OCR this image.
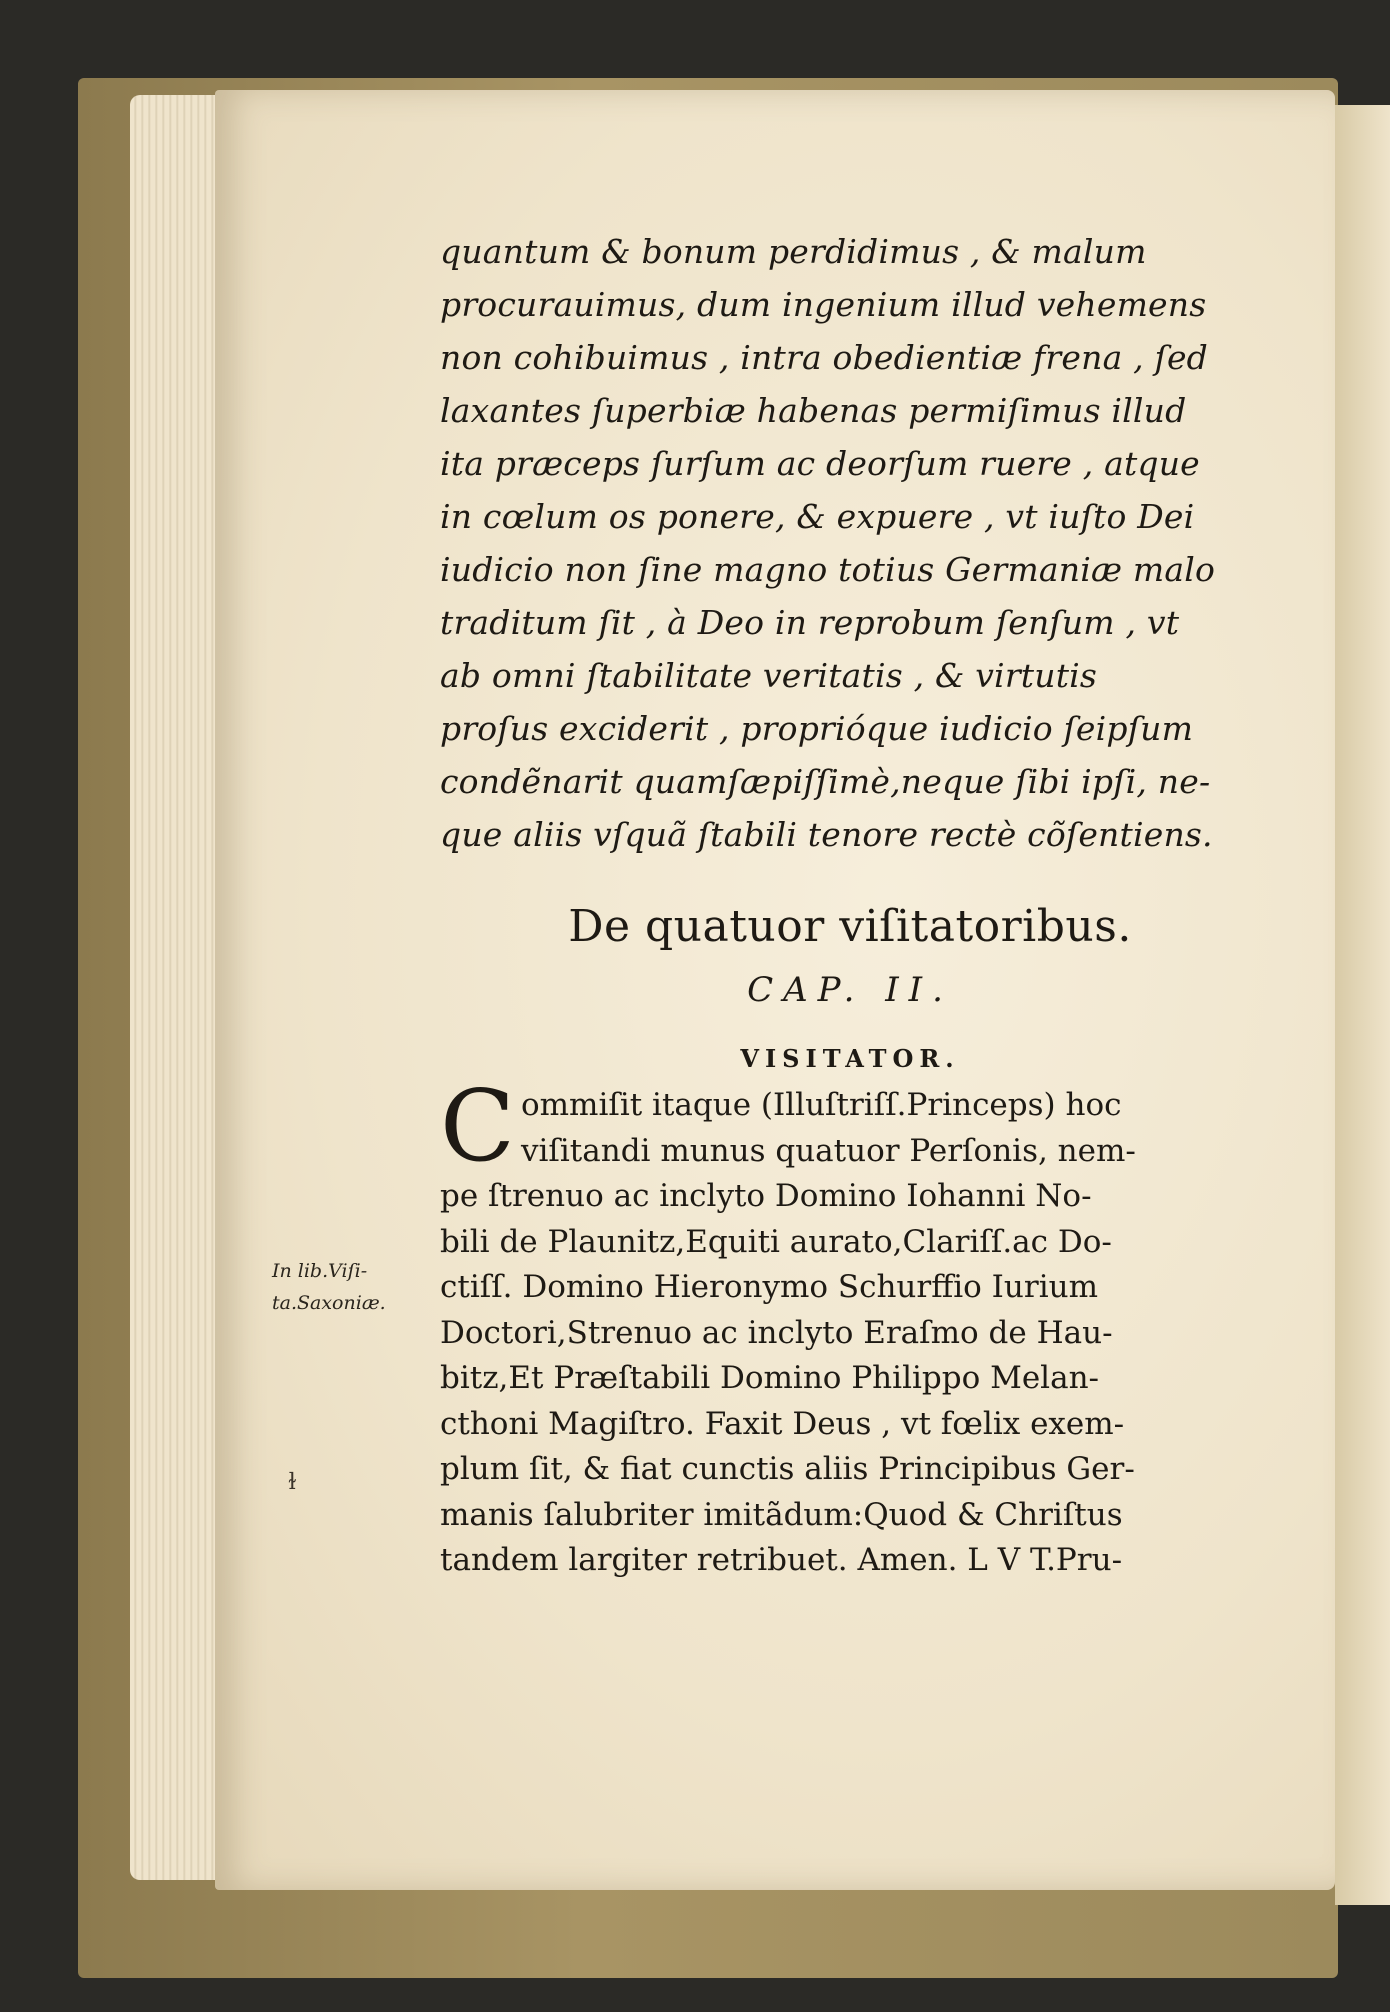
quantum & bonum perdidimus , & malum
procurauimus, dum ingenium illud vehemens
non cohibuimus , intra obedientiæ frena , ſed
laxantes ſuperbiæ habenas permiſimus illud
ita præceps ſurſum ac deorſum ruere , atque
in cœlum os ponere, & expuere , vt iuſto Dei
iudicio non ſine magno totius Germaniæ malo
traditum ſit , à Deo in reprobum ſenſum , vt
ab omni ſtabilitate veritatis , & virtutis
proſus exciderit , proprióque iudicio ſeipſum
condẽnarit quamſæpiſſimè,neque ſibi ipſi, ne-
que aliis vſquã ſtabili tenore rectè cõſentiens.
De quatuor viſitatoribus.
CAP. II.
VISITATOR.
C ommiſit itaque (Illuſtriſſ.Princeps) hoc
viſitandi munus quatuor Perſonis, nem-
pe ſtrenuo ac inclyto Domino Iohanni No-
bili de Plaunitz,Equiti aurato,Clariſſ.ac Do-
ctiſſ. Domino Hieronymo Schurffio Iurium
Doctori,Strenuo ac inclyto Eraſmo de Hau-
bitz,Et Præſtabili Domino Philippo Melan-
cthoni Magiſtro. Faxit Deus , vt fœlix exem-
plum ſit, & fiat cunctis aliis Principibus Ger-
manis ſalubriter imitãdum:Quod & Chriſtus
tandem largiter retribuet. Amen. L V T.Pru-
In lib.Viſi-
ta.Saxoniæ.
ɫ
